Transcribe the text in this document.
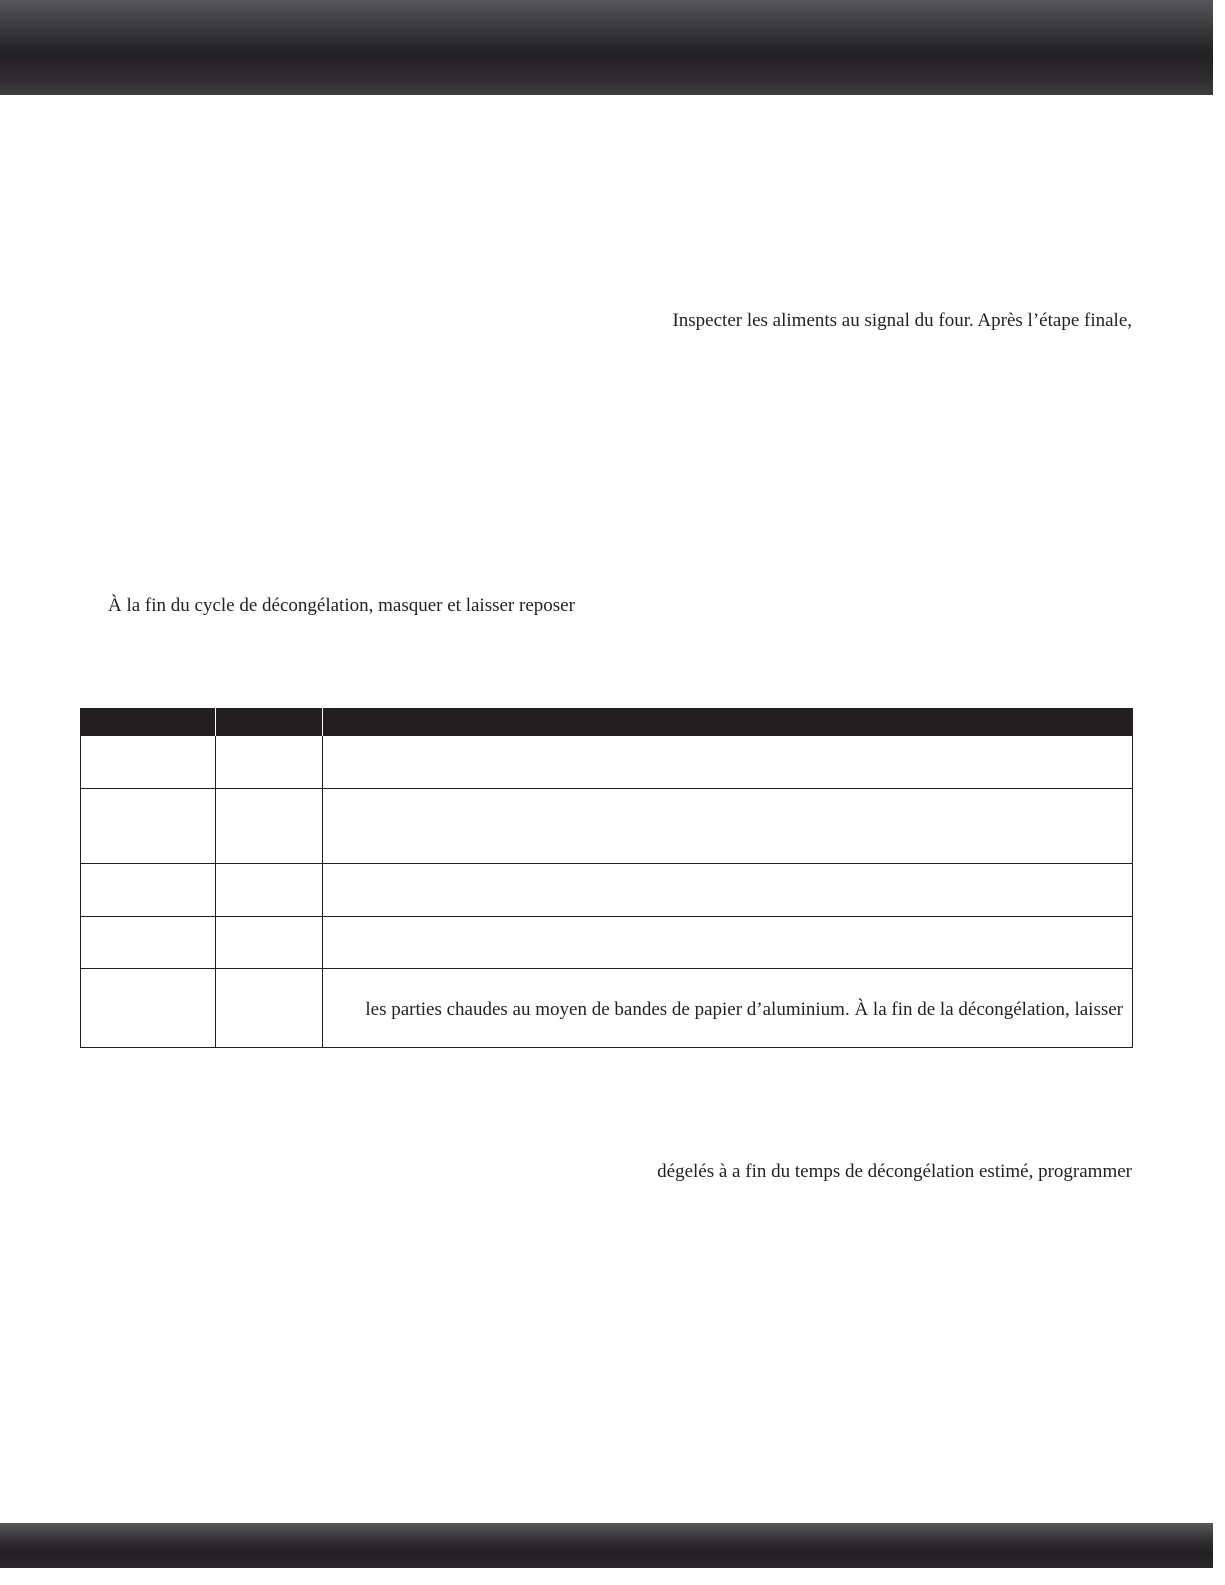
Inspecter les aliments au signal du four. Après l’étape finale,
À la fin du cycle de décongélation, masquer et laisser reposer

		les parties chaudes au moyen de bandes de papier d’aluminium. À la fin de la décongélation, laisser
dégelés à a fin du temps de décongélation estimé, programmer
